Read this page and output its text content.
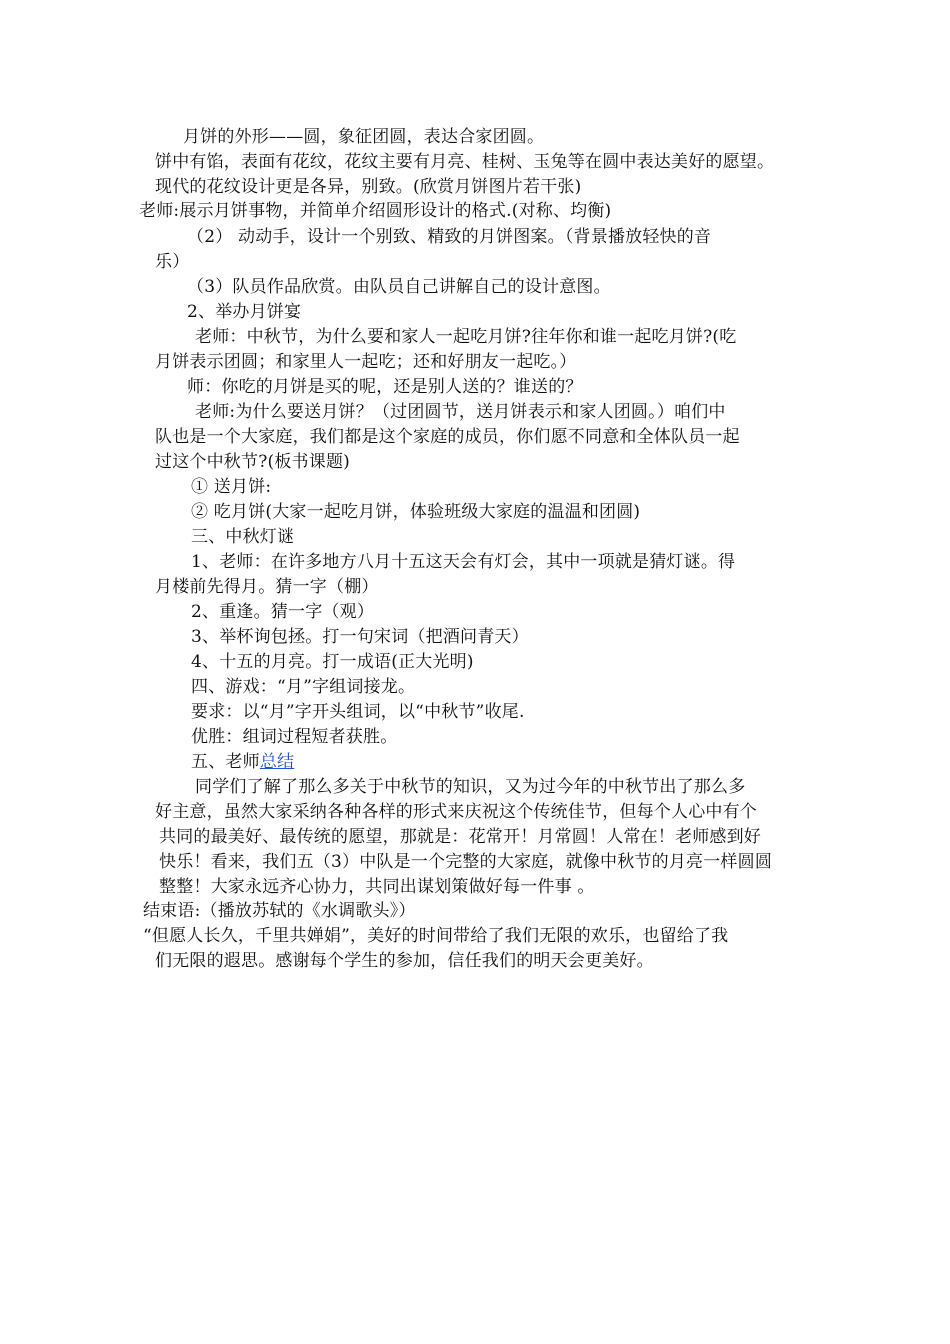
月饼的外形——圆，象征团圆，表达合家团圆。
饼中有馅，表面有花纹，花纹主要有月亮、桂树、玉兔等在圆中表达美好的愿望。
现代的花纹设计更是各异，别致。(欣赏月饼图片若干张)
老师:展示月饼事物，并简单介绍圆形设计的格式.(对称、均衡)
（2） 动动手，设计一个别致、精致的月饼图案。（背景播放轻快的音
乐）
（3）队员作品欣赏。由队员自己讲解自己的设计意图。
2、举办月饼宴
老师：中秋节，为什么要和家人一起吃月饼?往年你和谁一起吃月饼?(吃
月饼表示团圆；和家里人一起吃；还和好朋友一起吃。）
师：你吃的月饼是买的呢，还是别人送的？谁送的？
老师:为什么要送月饼？（过团圆节，送月饼表示和家人团圆。）咱们中
队也是一个大家庭，我们都是这个家庭的成员，你们愿不同意和全体队员一起
过这个中秋节?(板书课题)
① 送月饼:
② 吃月饼(大家一起吃月饼，体验班级大家庭的温温和团圆)
三、中秋灯谜
1、老师：在许多地方八月十五这天会有灯会，其中一项就是猜灯谜。得
月楼前先得月。猜一字（棚）
2、重逢。猜一字（观）
3、举杯询包拯。打一句宋词（把酒问青天）
4、十五的月亮。打一成语(正大光明)
四、游戏：“月”字组词接龙。
要求：以“月”字开头组词，以“中秋节”收尾.
优胜：组词过程短者获胜。
五、老师总结
同学们了解了那么多关于中秋节的知识，又为过今年的中秋节出了那么多
好主意，虽然大家采纳各种各样的形式来庆祝这个传统佳节，但每个人心中有个
共同的最美好、最传统的愿望，那就是：花常开！月常圆！人常在！老师感到好
快乐！看来，我们五（3）中队是一个完整的大家庭，就像中秋节的月亮一样圆圆
整整！大家永远齐心协力，共同出谋划策做好每一件事 。
结束语:（播放苏轼的《水调歌头》）
“但愿人长久，千里共婵娟”，美好的时间带给了我们无限的欢乐，也留给了我
们无限的遐思。感谢每个学生的参加，信任我们的明天会更美好。
